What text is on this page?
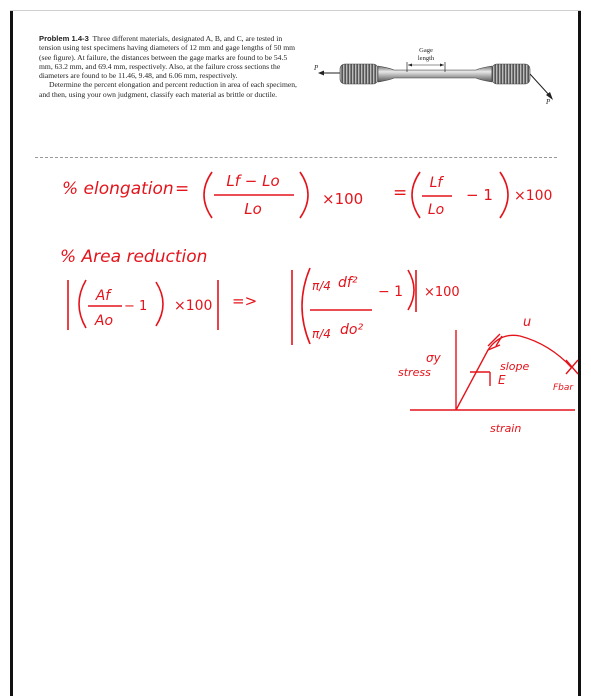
Problem 1.4-3 Three different materials, designated A, B, and C, are tested in tension using test specimens having diameters of 12 mm and gage lengths of 50 mm (see figure). At failure, the distances between the gage marks are found to be 54.5 mm, 63.2 mm, and 69.4 mm, respectively. Also, at the failure cross sections the diameters are found to be 11.46, 9.48, and 6.06 mm, respectively.

Determine the percent elongation and percent reduction in area of each specimen, and then, using your own judgment, classify each material as brittle or ductile.

P
P
Gage
length
% elongation = Lf − Lo
Lo
×100 = Lf
Lo
− 1 ×100
% Area reduction
Af
Ao
− 1 ×100 =>
π/4 df²
π/4 do²
− 1 ×100
u
σy
stress	slope
E
Fbar
strain
